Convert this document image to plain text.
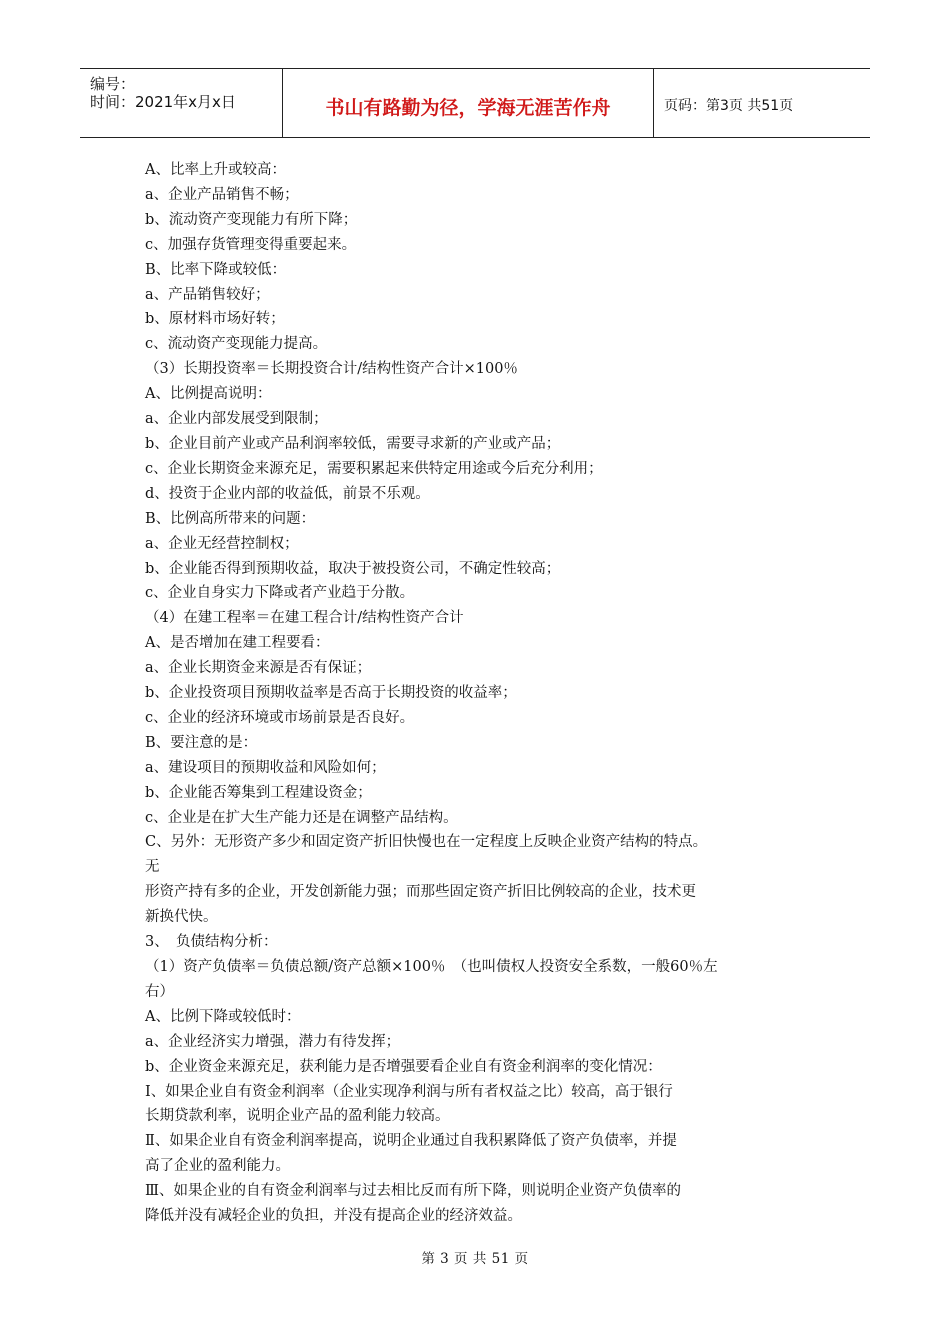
编号：
时间：2021年x月x日	书山有路勤为径，学海无涯苦作舟	页码：第3页 共51页
A、比率上升或较高：
a、企业产品销售不畅；
b、流动资产变现能力有所下降；
c、加强存货管理变得重要起来。
B、比率下降或较低：
a、产品销售较好；
b、原材料市场好转；
c、流动资产变现能力提高。
（3）长期投资率＝长期投资合计/结构性资产合计×100％
A、比例提高说明：
a、企业内部发展受到限制；
b、企业目前产业或产品利润率较低，需要寻求新的产业或产品；
c、企业长期资金来源充足，需要积累起来供特定用途或今后充分利用；
d、投资于企业内部的收益低，前景不乐观。
B、比例高所带来的问题：
a、企业无经营控制权；
b、企业能否得到预期收益，取决于被投资公司，不确定性较高；
c、企业自身实力下降或者产业趋于分散。
（4）在建工程率＝在建工程合计/结构性资产合计
A、是否增加在建工程要看：
a、企业长期资金来源是否有保证；
b、企业投资项目预期收益率是否高于长期投资的收益率；
c、企业的经济环境或市场前景是否良好。
B、要注意的是：
a、建设项目的预期收益和风险如何；
b、企业能否筹集到工程建设资金；
c、企业是在扩大生产能力还是在调整产品结构。
C、另外：无形资产多少和固定资产折旧快慢也在一定程度上反映企业资产结构的特点。
无
形资产持有多的企业，开发创新能力强；而那些固定资产折旧比例较高的企业，技术更
新换代快。
3、　负债结构分析：
（1）资产负债率＝负债总额/资产总额×100％　（也叫债权人投资安全系数，一般60％左
右）
A、比例下降或较低时：
a、企业经济实力增强，潜力有待发挥；
b、企业资金来源充足，获利能力是否增强要看企业自有资金利润率的变化情况：
Ⅰ、如果企业自有资金利润率（企业实现净利润与所有者权益之比）较高，高于银行
长期贷款利率，说明企业产品的盈利能力较高。
Ⅱ、如果企业自有资金利润率提高，说明企业通过自我积累降低了资产负债率，并提
高了企业的盈利能力。
Ⅲ、如果企业的自有资金利润率与过去相比反而有所下降，则说明企业资产负债率的
降低并没有减轻企业的负担，并没有提高企业的经济效益。
第 3 页 共 51 页
